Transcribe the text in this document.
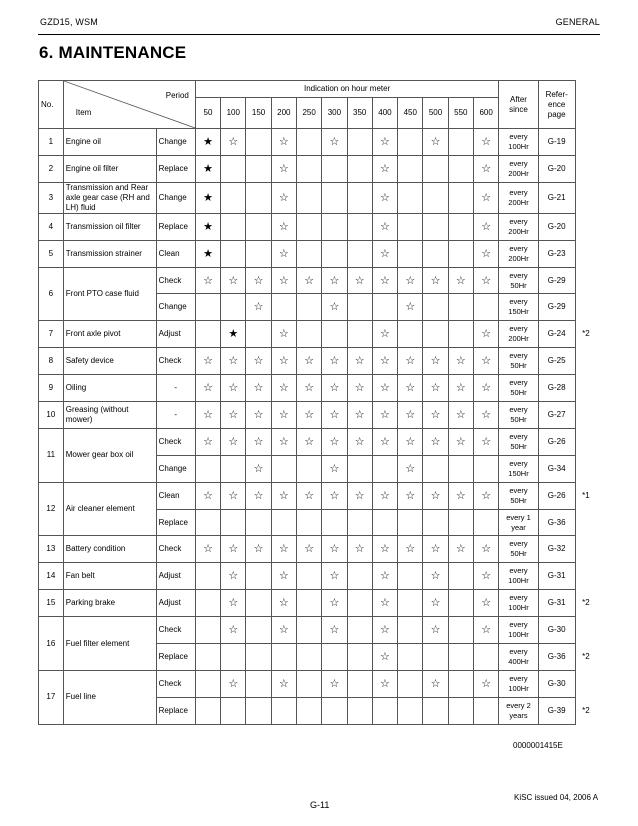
GZD15, WSM	GENERAL
6. MAINTENANCE
No.	Period
Item		Indication on hour meter												After since	Refer-ence page	
			50	100	150	200	250	300	350	400	450	500	550	600			
1	Engine oil	Change	★	☆		☆		☆		☆		☆		☆	every 100Hr	G-19	
2	Engine oil filter	Replace	★			☆				☆				☆	every 200Hr	G-20	
3	Transmission and Rear axle gear case (RH and LH) fluid	Change	★			☆				☆				☆	every 200Hr	G-21	
4	Transmission oil filter	Replace	★			☆				☆				☆	every 200Hr	G-20	
5	Transmission strainer	Clean	★			☆				☆				☆	every 200Hr	G-23	
6	Front PTO case fluid	Check	☆	☆	☆	☆	☆	☆	☆	☆	☆	☆	☆	☆	every 50Hr	G-29	
		Change			☆			☆			☆				every 150Hr	G-29	
7	Front axle pivot	Adjust		★		☆				☆				☆	every 200Hr	G-24	*2
8	Safety device	Check	☆	☆	☆	☆	☆	☆	☆	☆	☆	☆	☆	☆	every 50Hr	G-25	
9	Oiling	-	☆	☆	☆	☆	☆	☆	☆	☆	☆	☆	☆	☆	every 50Hr	G-28	
10	Greasing (without mower)	-	☆	☆	☆	☆	☆	☆	☆	☆	☆	☆	☆	☆	every 50Hr	G-27	
11	Mower gear box oil	Check	☆	☆	☆	☆	☆	☆	☆	☆	☆	☆	☆	☆	every 50Hr	G-26	
		Change			☆			☆			☆				every 150Hr	G-34	
12	Air cleaner element	Clean	☆	☆	☆	☆	☆	☆	☆	☆	☆	☆	☆	☆	every 50Hr	G-26	*1
		Replace													every 1 year	G-36	
13	Battery condition	Check	☆	☆	☆	☆	☆	☆	☆	☆	☆	☆	☆	☆	every 50Hr	G-32	
14	Fan belt	Adjust		☆		☆		☆		☆		☆		☆	every 100Hr	G-31	
15	Parking brake	Adjust		☆		☆		☆		☆		☆		☆	every 100Hr	G-31	*2
16	Fuel filter element	Check		☆		☆		☆		☆		☆		☆	every 100Hr	G-30	
		Replace								☆					every 400Hr	G-36	*2
17	Fuel line	Check		☆		☆		☆		☆		☆		☆	every 100Hr	G-30	
		Replace													every 2 years	G-39	*2
0000001415E
KiSC issued 04, 2006 A
G-11
